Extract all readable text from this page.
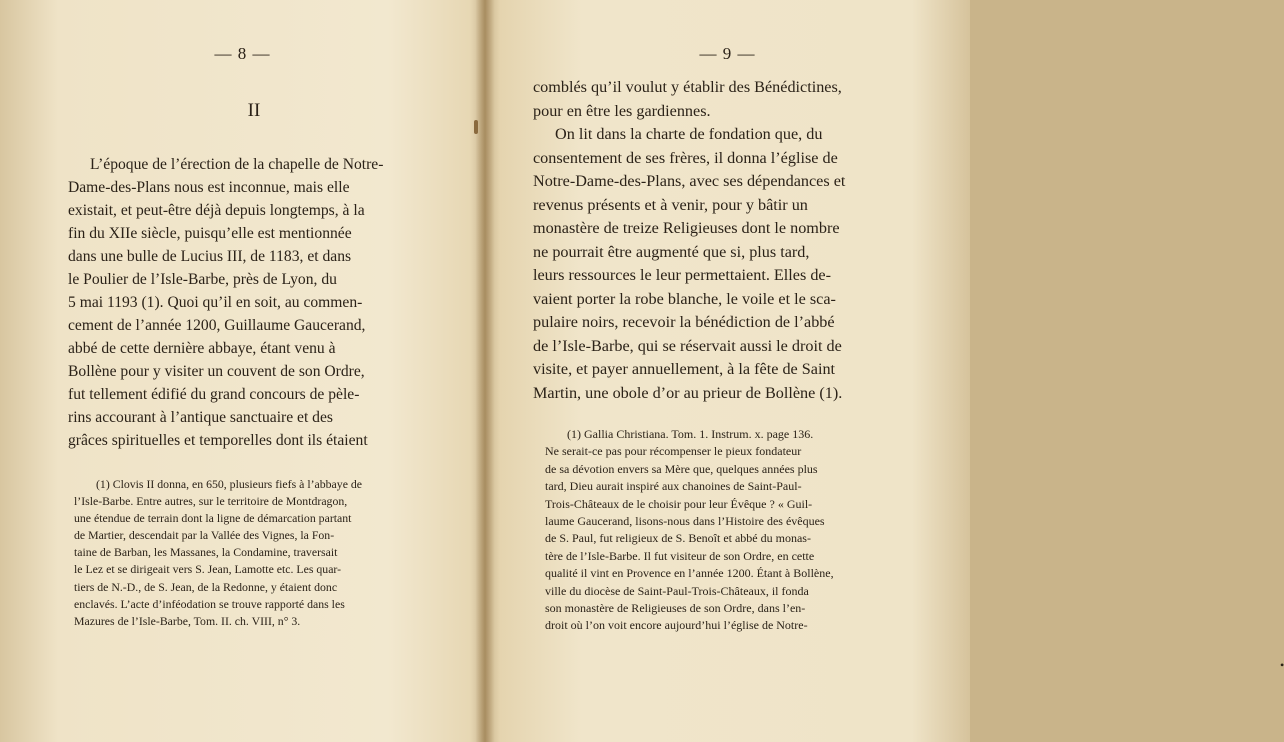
— 8 —
II
L’époque de l’érection de la chapelle de Notre-
Dame-des-Plans nous est inconnue, mais elle
existait, et peut-être déjà depuis longtemps, à la
fin du XIIe siècle, puisqu’elle est mentionnée
dans une bulle de Lucius III, de 1183, et dans
le Poulier de l’Isle-Barbe, près de Lyon, du
5 mai 1193 (1). Quoi qu’il en soit, au commen-
cement de l’année 1200, Guillaume Gaucerand,
abbé de cette dernière abbaye, étant venu à
Bollène pour y visiter un couvent de son Ordre,
fut tellement édifié du grand concours de pèle-
rins accourant à l’antique sanctuaire et des
grâces spirituelles et temporelles dont ils étaient
(1) Clovis II donna, en 650, plusieurs fiefs à l’abbaye de
l’Isle-Barbe. Entre autres, sur le territoire de Montdragon,
une étendue de terrain dont la ligne de démarcation partant
de Martier, descendait par la Vallée des Vignes, la Fon-
taine de Barban, les Massanes, la Condamine, traversait
le Lez et se dirigeait vers S. Jean, Lamotte etc. Les quar-
tiers de N.-D., de S. Jean, de la Redonne, y étaient donc
enclavés. L’acte d’inféodation se trouve rapporté dans les
Mazures de l’Isle-Barbe, Tom. II. ch. VIII, n° 3.
— 9 —
comblés qu’il voulut y établir des Bénédictines,
pour en être les gardiennes.
On lit dans la charte de fondation que, du
consentement de ses frères, il donna l’église de
Notre-Dame-des-Plans, avec ses dépendances et
revenus présents et à venir, pour y bâtir un
monastère de treize Religieuses dont le nombre
ne pourrait être augmenté que si, plus tard,
leurs ressources le leur permettaient. Elles de-
vaient porter la robe blanche, le voile et le sca-
pulaire noirs, recevoir la bénédiction de l’abbé
de l’Isle-Barbe, qui se réservait aussi le droit de
visite, et payer annuellement, à la fête de Saint
Martin, une obole d’or au prieur de Bollène (1).
(1) Gallia Christiana. Tom. 1. Instrum. x. page 136.
Ne serait-ce pas pour récompenser le pieux fondateur
de sa dévotion envers sa Mère que, quelques années plus
tard, Dieu aurait inspiré aux chanoines de Saint-Paul-
Trois-Châteaux de le choisir pour leur Évêque ? « Guil-
laume Gaucerand, lisons-nous dans l’Histoire des évêques
de S. Paul, fut religieux de S. Benoît et abbé du monas-
tère de l’Isle-Barbe. Il fut visiteur de son Ordre, en cette
qualité il vint en Provence en l’année 1200. Étant à Bollène,
ville du diocèse de Saint-Paul-Trois-Châteaux, il fonda
son monastère de Religieuses de son Ordre, dans l’en-
droit où l’on voit encore aujourd’hui l’église de Notre-
•
